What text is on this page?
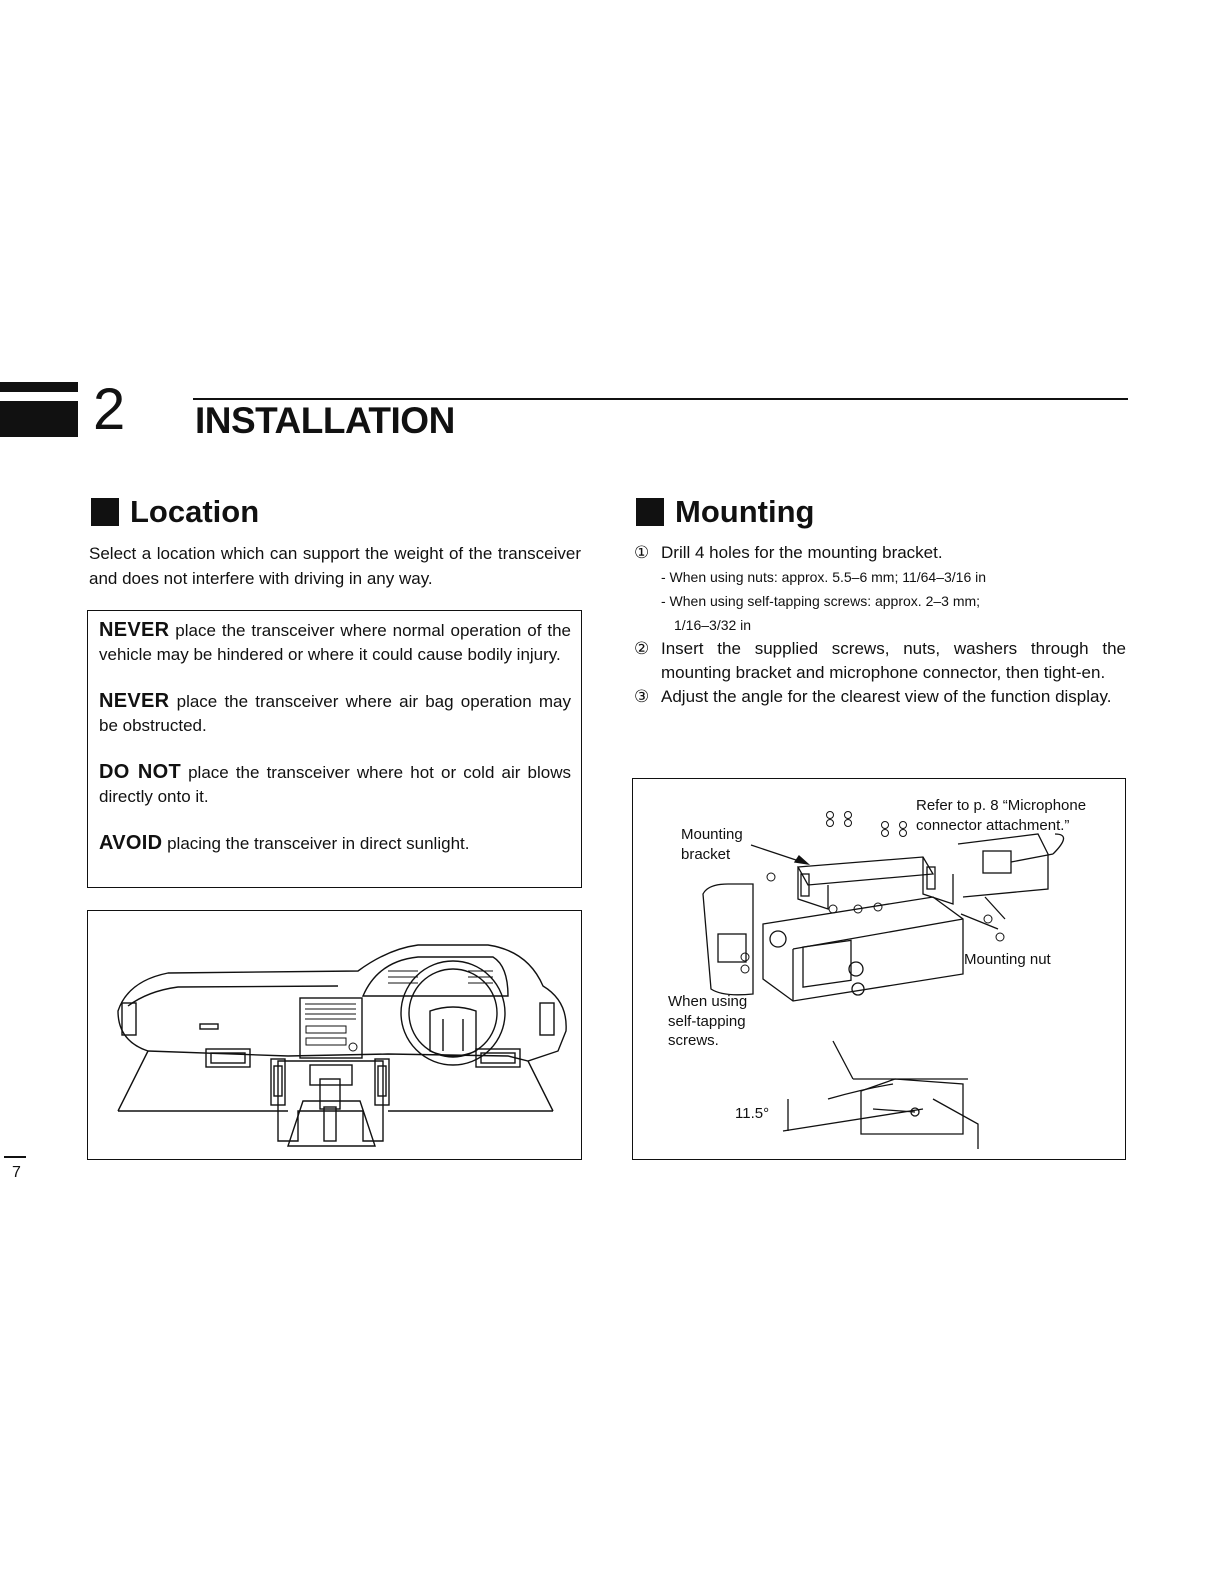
2 INSTALLATION
Location
Select a location which can support the weight of the transceiver and does not interfere with driving in any way.
NEVER place the transceiver where normal operation of the vehicle may be hindered or where it could cause bodily injury.
NEVER place the transceiver where air bag operation may be obstructed.
DO NOT place the transceiver where hot or cold air blows directly onto it.
AVOID placing the transceiver in direct sunlight.
Mounting
① Drill 4 holes for the mounting bracket.
- When using nuts: approx. 5.5–6 mm; 11/64–3/16 in
- When using self-tapping screws: approx. 2–3 mm;
1/16–3/32 in
② Insert the supplied screws, nuts, washers through the mounting bracket and microphone connector, then tight-en.
③ Adjust the angle for the clearest view of the function display.
Refer to p. 8 “Microphone
connector attachment.”
Mounting
bracket
Mounting nut
When using
self-tapping
screws.
11.5°
7
